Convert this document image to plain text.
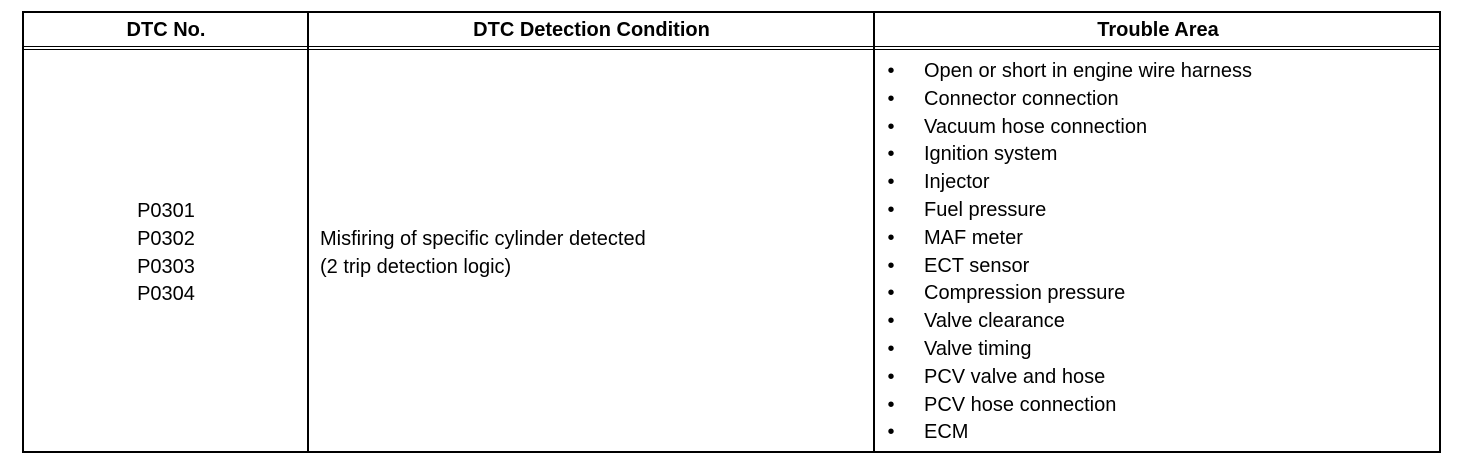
DTC No.	DTC Detection Condition	Trouble Area
P0301
P0302
P0303
P0304
Misfiring of specific cylinder detected
(2 trip detection logic)
• Open or short in engine wire harness
• Connector connection
• Vacuum hose connection
• Ignition system
• Injector
• Fuel pressure
• MAF meter
• ECT sensor
• Compression pressure
• Valve clearance
• Valve timing
• PCV valve and hose
• PCV hose connection
• ECM
